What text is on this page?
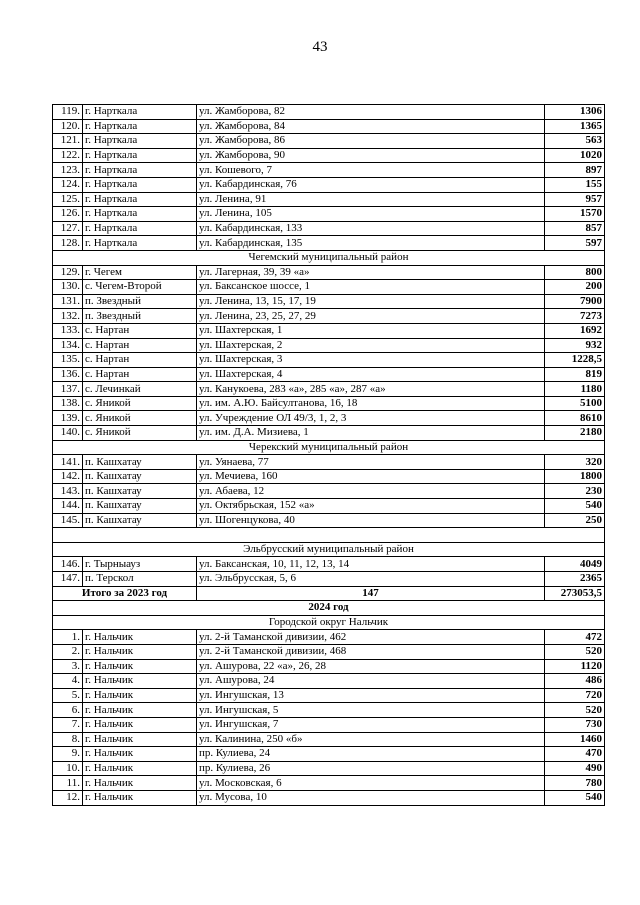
43
119.	г. Нарткала	ул. Жамборова, 82	1306
120.	г. Нарткала	ул. Жамборова, 84	1365
121.	г. Нарткала	ул. Жамборова, 86	563
122.	г. Нарткала	ул. Жамборова, 90	1020
123.	г. Нарткала	ул. Кошевого, 7	897
124.	г. Нарткала	ул. Кабардинская, 76	155
125.	г. Нарткала	ул. Ленина, 91	957
126.	г. Нарткала	ул. Ленина, 105	1570
127.	г. Нарткала	ул. Кабардинская, 133	857
128.	г. Нарткала	ул. Кабардинская, 135	597
Чегемский муниципальный район			
129.	г. Чегем	ул. Лагерная, 39, 39 «а»	800
130.	с. Чегем-Второй	ул. Баксанское шоссе, 1	200
131.	п. Звездный	ул. Ленина, 13, 15, 17, 19	7900
132.	п. Звездный	ул. Ленина, 23, 25, 27, 29	7273
133.	с. Нартан	ул. Шахтерская, 1	1692
134.	с. Нартан	ул. Шахтерская, 2	932
135.	с. Нартан	ул. Шахтерская, 3	1228,5
136.	с. Нартан	ул. Шахтерская, 4	819
137.	с. Лечинкай	ул. Канукоева, 283 «а», 285 «а», 287 «а»	1180
138.	с. Яникой	ул. им. А.Ю. Байсултанова, 16, 18	5100
139.	с. Яникой	ул. Учреждение ОЛ 49/3, 1, 2, 3	8610
140.	с. Яникой	ул. им. Д.А. Мизиева, 1	2180
Черекский муниципальный район			
141.	п. Кашхатау	ул. Уянаева, 77	320
142.	п. Кашхатау	ул. Мечиева, 160	1800
143.	п. Кашхатау	ул. Абаева, 12	230
144.	п. Кашхатау	ул. Октябрьская, 152 «а»	540
145.	п. Кашхатау	ул. Шогенцукова, 40	250

Эльбрусский муниципальный район			
146.	г. Тырныауз	ул. Баксанская, 10, 11, 12, 13, 14	4049
147.	п. Терскол	ул. Эльбрусская, 5, 6	2365
Итого за 2023 год		147	273053,5
2024 год			
Городской округ Нальчик			
1.	г. Нальчик	ул. 2-й Таманской дивизии, 462	472
2.	г. Нальчик	ул. 2-й Таманской дивизии, 468	520
3.	г. Нальчик	ул. Ашурова, 22 «а», 26, 28	1120
4.	г. Нальчик	ул. Ашурова, 24	486
5.	г. Нальчик	ул. Ингушская, 13	720
6.	г. Нальчик	ул. Ингушская, 5	520
7.	г. Нальчик	ул. Ингушская, 7	730
8.	г. Нальчик	ул. Калинина, 250 «б»	1460
9.	г. Нальчик	пр. Кулиева, 24	470
10.	г. Нальчик	пр. Кулиева, 26	490
11.	г. Нальчик	ул. Московская, 6	780
12.	г. Нальчик	ул. Мусова, 10	540
